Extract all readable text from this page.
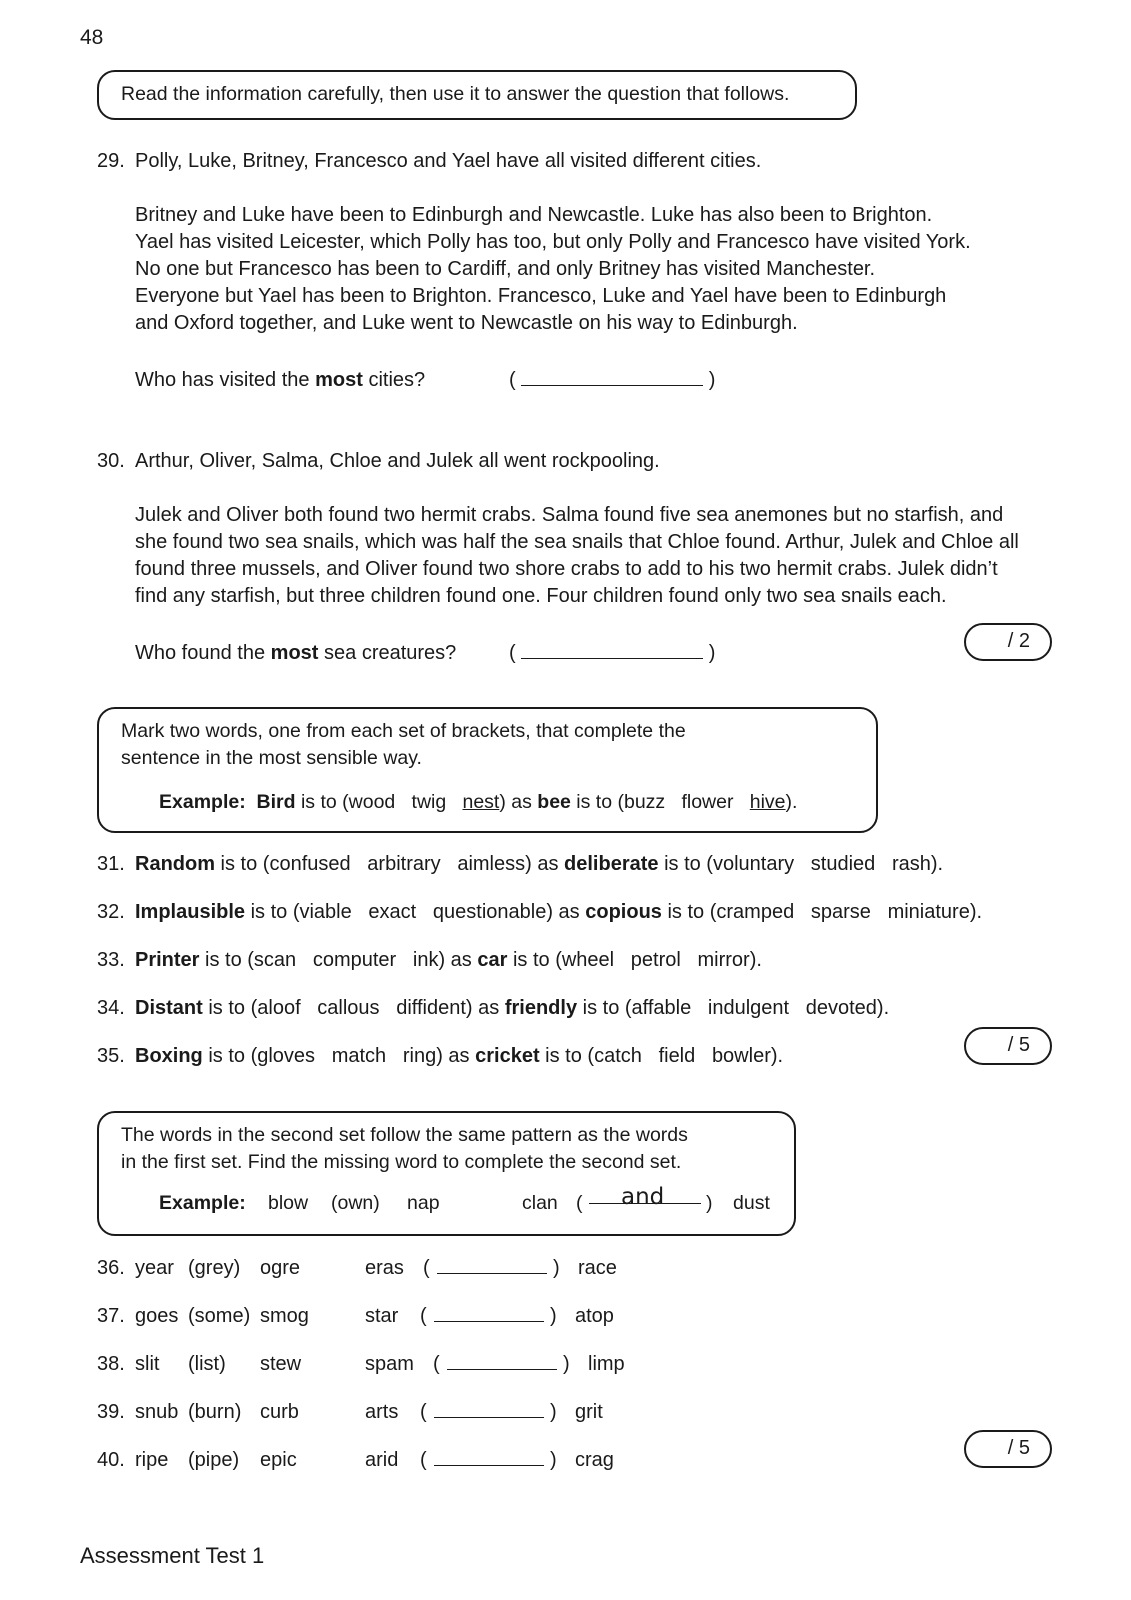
48
Read the information carefully, then use it to answer the question that follows.
29. Polly, Luke, Britney, Francesco and Yael have all visited different cities.

Britney and Luke have been to Edinburgh and Newcastle. Luke has also been to Brighton.

Yael has visited Leicester, which Polly has too, but only Polly and Francesco have visited York.

No one but Francesco has been to Cardiff, and only Britney has visited Manchester.

Everyone but Yael has been to Brighton. Francesco, Luke and Yael have been to Edinburgh

and Oxford together, and Luke went to Newcastle on his way to Edinburgh.

Who has visited the most cities?	(	)
30. Arthur, Oliver, Salma, Chloe and Julek all went rockpooling.

Julek and Oliver both found two hermit crabs. Salma found five sea anemones but no starfish, and

she found two sea snails, which was half the sea snails that Chloe found. Arthur, Julek and Chloe all

found three mussels, and Oliver found two shore crabs to add to his two hermit crabs. Julek didn’t

find any starfish, but three children found one. Four children found only two sea snails each.

Who found the most sea creatures?	(	)
/ 2
Mark two words, one from each set of brackets, that complete the
sentence in the most sensible way.
Example: Bird is to (wood twig nest) as bee is to (buzz flower hive).
31. Random is to (confused arbitrary aimless) as deliberate is to (voluntary studied rash).
32. Implausible is to (viable exact questionable) as copious is to (cramped sparse miniature).
33. Printer is to (scan computer ink) as car is to (wheel petrol mirror).
34. Distant is to (aloof callous diffident) as friendly is to (affable indulgent devoted).
35. Boxing is to (gloves match ring) as cricket is to (catch field bowler).	/ 5
The words in the second set follow the same pattern as the words
in the first set. Find the missing word to complete the second set.
Example: blow (own) nap	clan ( and ) dust
36. year (grey) ogre	eras (	) race
37. goes (some) smog	star (	) atop
38. slit (list) stew	spam (	) limp
39. snub (burn) curb	arts (	) grit
40. ripe (pipe) epic	arid (	) crag
/ 5
Assessment Test 1
